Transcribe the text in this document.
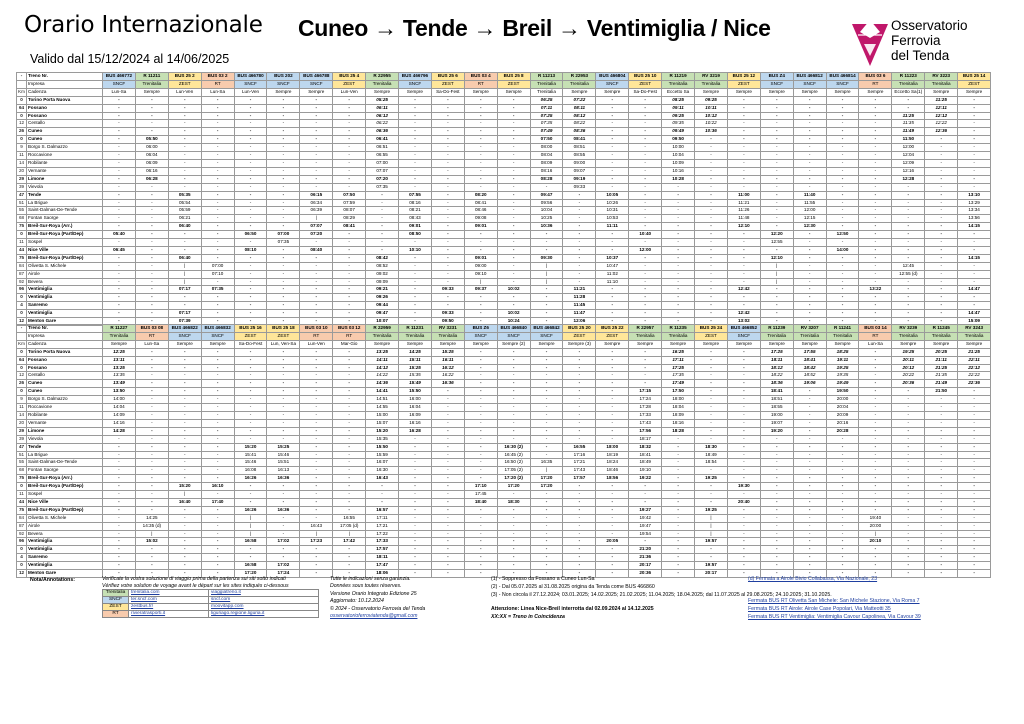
Orario Internazionale
Valido dal 15/12/2024 al 14/06/2025
Cuneo → Tende → Breil → Ventimiglia / Nice	Osservatorio
Ferrovia
del Tenda
-	Treno Nr.	BUS 466772	R 11211	BUS 25 2	BUS 03 2	BUS 466780	BUS 202	BUS 466788	BUS 25 4	R 22955	BUS 466796	BUS 25 6	BUS 03 4	BUS 25 8	R 11213	R 22953	BUS 466804	BUS 25 10	R 11219	RV 3219	BUS 25 12	BUS Z4	BUS 466812	BUS 466814	BUS 03 6	R 11223	RV 3223	BUS 25 14
	Impresa	SNCF	Trenitalia	ZEST	RT	SNCF	SNCF	SNCF	ZEST	Trenitalia	SNCF	ZEST	RT	ZEST	Trenitalia	Trenitalia	SNCF	ZEST	Trenitalia	Trenitalia	ZEST	SNCF	SNCF	SNCF	RT	Trenitalia	Trenitalia	ZEST
Km	Cadenza	Lun-Sa	Sempre	Lun-Ven	Lun-Sa	Lun-Ven	Sempre	Sempre	Lun-Ven	Sempre	Sempre	Sa-Do-Fest	Sempre	Sempre	Trenitalia	Sempre	Sempre	Sa-Do-Fest	Eccetto Sa	Sempre	Sempre	Sempre	Sempre	Sempre	Sempre	Eccetto Sa(1)	Sempre	Sempre
0	Torino Porta Nuova	-	-	-	-	-	-	-	-	05:25	-	-	-	-	06:25	07:22	-	-	08:25	09:25	-	-	-	-	-	-	11:25	-
64	Fossano	-	-	-	-	-	-	-	-	06:11	-	-	-	-	07:11	08:11	-	-	09:11	10:11	-	-	-	-	-	-	12:11	-
0	Fossano	-	-	-	-	-	-	-	-	06:12	-	-	-	-	07:25	08:12	-	-	09:25	10:12	-	-	-	-	-	11:25	12:12	-
12	Centallo	-	-	-	-	-	-	-	-	06:22	-	-	-	-	07:35	08:22	-	-	09:35	10:22	-	-	-	-	-	11:35	12:22	-
26	Cuneo	-	-	-	-	-	-	-	-	06:36	-	-	-	-	07:49	08:36	-	-	09:49	10:36	-	-	-	-	-	11:49	12:36	-
0	Cuneo	-	05:50	-	-	-	-	-	-	06:41	-	-	-	-	07:50	08:41	-	-	09:50	-	-	-	-	-	-	11:50	-	-
9	Borgo S. Dalmazzo	-	06:00	-	-	-	-	-	-	06:51	-	-	-	-	08:00	08:51	-	-	10:00	-	-	-	-	-	-	12:00	-	-
11	Roccavione	-	06:04	-	-	-	-	-	-	06:55	-	-	-	-	08:04	08:55	-	-	10:04	-	-	-	-	-	-	12:04	-	-
14	Robilante	-	06:09	-	-	-	-	-	-	07:00	-	-	-	-	08:09	09:00	-	-	10:09	-	-	-	-	-	-	12:09	-	-
20	Vernante	-	06:16	-	-	-	-	-	-	07:07	-	-	-	-	08:16	09:07	-	-	10:16	-	-	-	-	-	-	12:16	-	-
29	Limone	-	06:28	-	-	-	-	-	-	07:20	-	-	-	-	08:28	09:19	-	-	10:28	-	-	-	-	-	-	12:28	-	-
39	Vievola	-	-	-	-	-	-	-	-	07:35	-	-	-	-	-	09:33	-	-	-	-	-	-	-	-	-	-	-	-
47	Tende	-	-	05:35	-	-	-	06:15	07:50	-	07:55	-	08:20	-	09:47	-	10:05	-	-	-	11:00	-	11:40	-	-	-	-	13:10
51	La Brigue	-	-	05:54	-	-	-	06:34	07:59	-	08:16	-	08:41	-	09:56	-	10:26	-	-	-	11:21	-	11:55	-	-	-	-	13:29
55	Saint-Dalmas-De-Tende	-	-	05:59	-	-	-	06:39	08:07	-	08:21	-	08:46	-	10:04	-	10:31	-	-	-	11:26	-	12:00	-	-	-	-	13:34
68	Fontan Saorge	-	-	06:21	-	-	-	|	08:29	-	08:43	-	09:08	-	10:25	-	10:53	-	-	-	11:48	-	12:15	-	-	-	-	13:56
75	Breil-Sur-Roya (Arr.)	-	-	06:40	-	-	-	07:07	08:41	-	09:01	-	09:01	-	10:36	-	11:11	-	-	-	12:10	-	12:30	-	-	-	-	14:15
0	Breil-Sur-Roya (Part/Dep)	05:40	-	-	-	06:50	07:00	07:20	-	-	08:50	-	-	-	-	-	-	10:40	-	-	-	12:20	-	12:50	-	-	-	-
11	Sospel	-	-	-	-	-	07:35	-	-	-	-	-	-	-	-	-	-	-	-	-	-	12:55	-	-	-	-	-	-
44	Nice Ville	06:45	-	-	-	08:10	-	08:40	-	-	10:10	-	-	-	-	-	-	12:00	-	-	-	-	-	14:00	-	-	-	-
75	Breil-Sur-Roya (Part/Dep)	-	-	06:40	-	-	-	-	-	08:42	-	-	09:01	-	09:30	-	10:37	-	-	-	-	12:10	-	-	-	-	-	14:15
84	Olivetta S. Michele	-	-	|	07:00	-	-	-	-	08:52	-	-	09:00	-	|	-	10:47	-	-	-	-	|	-	-	-	12:45	-	-
87	Airole	-	-	|	07:10	-	-	-	-	09:02	-	-	09:10	-	|	-	11:02	-	-	-	-	|	-	-	-	12:55 (d)	-	-
92	Bevera	-	-	|	-	-	-	-	-	09:09	-	-	|	-	|	-	11:10	-	-	-	-	|	-	-	-	-	-	-
96	Ventimiglia	-	-	07:17	07:35	-	-	-	-	09:21	-	09:33	09:37	10:02	-	11:21	-	-	-	-	12:42	-	-	-	13:22	-	-	14:47
0	Ventimiglia	-	-	-	-	-	-	-	-	09:26	-	-	-	-	-	11:28	-	-	-	-	-	-	-	-	-	-	-	-
4	Sanremo	-	-	-	-	-	-	-	-	09:44	-	-	-	-	-	11:45	-	-	-	-	-	-	-	-	-	-	-	-
0	Ventimiglia	-	-	07:17	-	-	-	-	-	09:47	-	09:33	-	10:02	-	11:47	-	-	-	-	12:42	-	-	-	-	-	-	14:47
12	Menton Gare	-	-	07:39	-	-	-	-	-	10:07	-	09:50	-	10:24	-	12:06	-	-	-	-	13:02	-	-	-	-	-	-	15:09
-	Treno Nr.	R 11227	BUS 03 08	BUS 466822	BUS 466832	BUS 25 16	BUS 25 18	BUS 03 10	BUS 03 12	R 22959	R 11231	RV 3231	BUS Z6	BUS 466840	BUS 466842	BUS 25 20	BUS 25 22	R 22957	R 11235	BUS 25 24	BUS 466852	R 11239	RV 3207	R 11241	BUS 03 14	RV 3239	R 11245	RV 3243
	Impresa	Trenitalia	RT	SNCF	SNCF	ZEST	ZEST	RT	RT	Trenitalia	Trenitalia	Trenitalia	SNCF	SNCF	SNCF	ZEST	ZEST	Trenitalia	Trenitalia	ZEST	SNCF	Trenitalia	Trenitalia	Trenitalia	RT	Trenitalia	Trenitalia	Trenitalia
Km	Cadenza	Sempre	Lun-Sa	Sempre	Sempre	Sa-Do-Fest	Lun, Ven-Sa	Lun-Ven	Mar-Gio	Sempre	Sempre	Sempre	Sempre	Sempre (2)	Sempre	Sempre (3)	Sempre	Sempre	Sempre	Sempre	Sempre	Sempre	Sempre	Sempre	Lun-Sa	Sempre	Sempre	Sempre
0	Torino Porta Nuova	12:25	-	-	-	-	-	-	-	13:25	14:25	15:25	-	-	-	-	-	-	16:25	-	-	17:25	17:55	18:25	-	19:25	20:25	21:25
64	Fossano	13:11	-	-	-	-	-	-	-	14:11	15:11	16:11	-	-	-	-	-	-	17:11	-	-	18:11	18:41	19:11	-	20:11	21:11	22:11
0	Fossano	13:25	-	-	-	-	-	-	-	14:12	15:25	16:12	-	-	-	-	-	-	17:25	-	-	18:12	18:42	19:25	-	20:12	21:25	22:12
12	Centallo	13:35	-	-	-	-	-	-	-	14:22	15:35	16:22	-	-	-	-	-	-	17:35	-	-	18:22	18:52	19:35	-	20:22	21:35	22:22
26	Cuneo	13:49	-	-	-	-	-	-	-	14:36	15:49	16:36	-	-	-	-	-	-	17:49	-	-	18:36	19:06	19:49	-	20:36	21:49	22:36
0	Cuneo	13:50	-	-	-	-	-	-	-	14:41	15:50	-	-	-	-	-	-	17:15	17:50	-	-	18:41	-	19:50	-	-	21:50	-
9	Borgo S. Dalmazzo	14:00	-	-	-	-	-	-	-	14:51	16:00	-	-	-	-	-	-	17:24	18:00	-	-	18:51	-	20:00	-	-	-	-
11	Roccavione	14:04	-	-	-	-	-	-	-	14:55	16:04	-	-	-	-	-	-	17:28	18:04	-	-	18:55	-	20:04	-	-	-	-
14	Robilante	14:09	-	-	-	-	-	-	-	15:00	16:09	-	-	-	-	-	-	17:33	18:09	-	-	19:00	-	20:09	-	-	-	-
20	Vernante	14:16	-	-	-	-	-	-	-	15:07	16:16	-	-	-	-	-	-	17:43	18:16	-	-	19:07	-	20:16	-	-	-	-
29	Limone	14:28	-	-	-	-	-	-	-	15:20	16:28	-	-	-	-	-	-	17:56	18:28	-	-	19:20	-	20:28	-	-	-	-
39	Vievola	-	-	-	-	-	-	-	-	15:35	-	-	-	-	-	-	-	18:17	-	-	-	-	-	-	-	-	-	-
47	Tende	-	-	-	-	15:20	15:25	-	-	15:50	-	-	-	16:30 (2)	-	16:55	18:00	18:32	-	18:30	-	-	-	-	-	-	-	-
51	La Brigue	-	-	-	-	15:41	15:46	-	-	15:59	-	-	-	16:45 (2)	-	17:16	18:19	18:41	-	18:49	-	-	-	-	-	-	-	-
55	Saint-Dalmas-De-Tende	-	-	-	-	15:46	15:51	-	-	16:07	-	-	-	16:50 (2)	16:35	17:21	18:24	18:49	-	18:54	-	-	-	-	-	-	-	-
68	Fontan Saorge	-	-	-	-	16:08	16:13	-	-	16:30	-	-	-	17:05 (2)	|	17:43	18:46	19:10	-	-	-	-	-	-	-	-	-	-
75	Breil-Sur-Roya (Arr.)	-	-	-	-	16:26	16:36	-	-	16:43	-	-	-	17:20 (2)	17:20	17:57	18:56	19:22	-	19:25	-	-	-	-	-	-	-	-
0	Breil-Sur-Roya (Part/Dep)	-	-	15:20	16:10	-	-	-	-	-	-	-	17:10	17:20	17:20	-	-	-	-	-	19:30	-	-	-	-	-	-	-
11	Sospel	-	-	|	-	-	-	-	-	-	-	-	17:45	-	-	-	-	-	-	-	-	-	-	-	-	-	-	-
44	Nice Ville	-	-	16:40	17:40	-	-	-	-	-	-	-	18:40	18:30	-	-	-	-	-	-	20:40	-	-	-	-	-	-	-
75	Breil-Sur-Roya (Part/Dep)	-	-	-	-	16:26	16:36	-	-	16:57	-	-	-	-	-	-	-	19:27	-	19:25	-	-	-	-	-	-	-	-
84	Olivetta S. Michele	-	14:25	-	-	|	-	-	16:55	17:11	-	-	-	-	-	-	-	19:42	-	|	-	-	-	-	19:40	-	-	-
87	Airole	-	14:35 (d)	-	-	|	-	16:43	17:05 (d)	17:21	-	-	-	-	-	-	-	19:47	-	|	-	-	-	-	20:00	-	-	-
92	Bevera	-	|	-	-	|	-	|	|	17:22	-	-	-	-	-	-	-	19:54	-	|	-	-	-	-	|	-	-	-
96	Ventimiglia	-	15:02	-	-	16:58	17:02	17:23	17:42	17:33	-	-	-	-	-	-	20:05	-	-	19:57	-	-	-	-	20:10	-	-	-
0	Ventimiglia	-	-	-	-	-	-	-	-	17:57	-	-	-	-	-	-	-	21:20	-	-	-	-	-	-	-	-	-	-
4	Sanremo	-	-	-	-	-	-	-	-	18:11	-	-	-	-	-	-	-	21:36	-	-	-	-	-	-	-	-	-	-
0	Ventimiglia	-	-	-	-	16:58	17:02	-	-	17:47	-	-	-	-	-	-	-	20:17	-	19:57	-	-	-	-	-	-	-	-
12	Menton Gare	-	-	-	-	17:20	17:24	-	-	18:06	-	-	-	-	-	-	-	20:36	-	20:17	-	-	-	-	-	-	-	-
Nota/Annotations:	Verificate la vostra soluzione di viaggio prima della partenza sui siti sotto indicati
Vérifiez votre solution de voyage avant le départ sur les sites indiqués ci-dessous
Trenitalia	trenitalia.com	viaggiatreno.it
SNCF	ter.sncf.com	sncf.com
ZEST	zestbus.fr/	moovitapp.com
RT	rivieratrasporti.it	liguriago.regione.liguria.it
Tutte le indicazioni senza garanzia.
Données sous toutes réserves.
Versione Orario Integrato Edizione 25
Aggiornato: 10.12.2024
© 2024 - Osservatorio Ferrovia del Tenda
osservatorioferroviatenda@gmail.com
(1) - Soppresso da Fossano a Cuneo Lun-Sa
(2) - Dal 05.07.2025 al 31.08.2025 origina da Tenda come BUS 466860
(3) - Non circola il 27.12.2024; 03.01.2025; 14.02.2025; 21.02.2025; 11.04.2025; 18.04.2025; dal 11.07.2025 al 29.08.2025; 24.10.2025; 31.10.2025.
Attenzione: Linea Nice-Breil interrotta dal 02.09.2024 al 14.12.2025
XX:XX = Treno in Coincidenza
(d) Fermata a Airole Bivio Collabassa, Via Nazionale, 23
Fermata BUS RT Olivetta San Michele: San Michele Stazione, Via Roma 7
Fermata BUS RT Airole: Airole Case Popolari, Via Matteotti 35
Fermata BUS RT Ventimiglia: Ventimiglia Cavour Capolinea, Via Cavour 39
